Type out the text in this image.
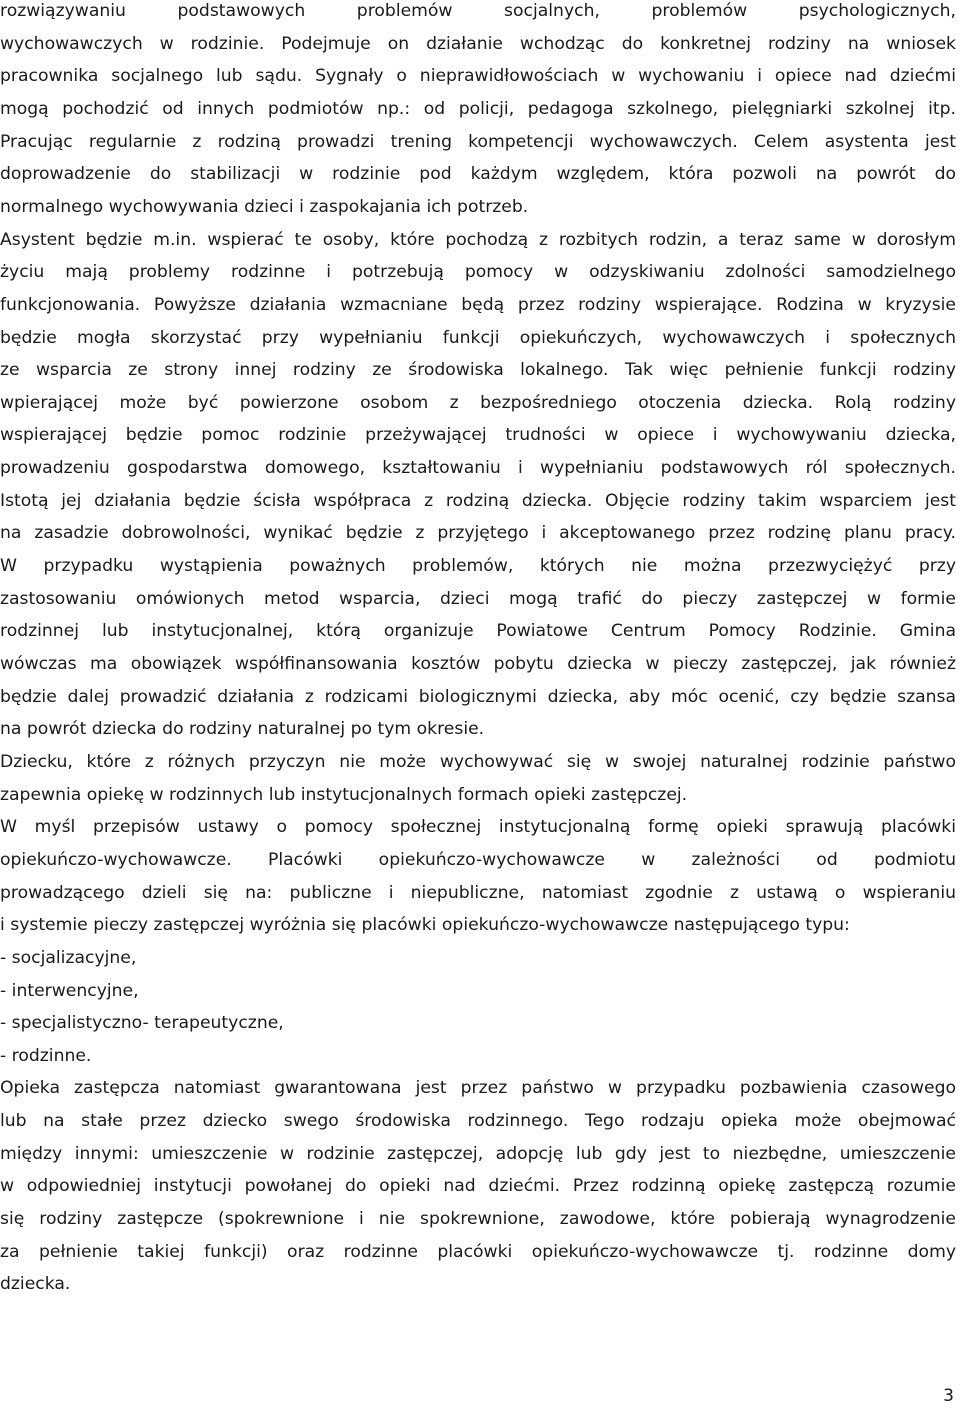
rozwiązywaniu podstawowych problemów socjalnych, problemów psychologicznych,
wychowawczych w rodzinie. Podejmuje on działanie wchodząc do konkretnej rodziny na wniosek
pracownika socjalnego lub sądu. Sygnały o nieprawidłowościach w wychowaniu i opiece nad dziećmi
mogą pochodzić od innych podmiotów np.: od policji, pedagoga szkolnego, pielęgniarki szkolnej itp.
Pracując regularnie z rodziną prowadzi trening kompetencji wychowawczych. Celem asystenta jest
doprowadzenie do stabilizacji w rodzinie pod każdym względem, która pozwoli na powrót do
normalnego wychowywania dzieci i zaspokajania ich potrzeb.
Asystent będzie m.in. wspierać te osoby, które pochodzą z rozbitych rodzin, a teraz same w dorosłym
życiu mają problemy rodzinne i potrzebują pomocy w odzyskiwaniu zdolności samodzielnego
funkcjonowania. Powyższe działania wzmacniane będą przez rodziny wspierające. Rodzina w kryzysie
będzie mogła skorzystać przy wypełnianiu funkcji opiekuńczych, wychowawczych i społecznych
ze wsparcia ze strony innej rodziny ze środowiska lokalnego. Tak więc pełnienie funkcji rodziny
wpierającej może być powierzone osobom z bezpośredniego otoczenia dziecka. Rolą rodziny
wspierającej będzie pomoc rodzinie przeżywającej trudności w opiece i wychowywaniu dziecka,
prowadzeniu gospodarstwa domowego, kształtowaniu i wypełnianiu podstawowych ról społecznych.
Istotą jej działania będzie ścisła współpraca z rodziną dziecka. Objęcie rodziny takim wsparciem jest
na zasadzie dobrowolności, wynikać będzie z przyjętego i akceptowanego przez rodzinę planu pracy.
W przypadku wystąpienia poważnych problemów, których nie można przezwyciężyć przy
zastosowaniu omówionych metod wsparcia, dzieci mogą trafić do pieczy zastępczej w formie
rodzinnej lub instytucjonalnej, którą organizuje Powiatowe Centrum Pomocy Rodzinie. Gmina
wówczas ma obowiązek współfinansowania kosztów pobytu dziecka w pieczy zastępczej, jak również
będzie dalej prowadzić działania z rodzicami biologicznymi dziecka, aby móc ocenić, czy będzie szansa
na powrót dziecka do rodziny naturalnej po tym okresie.
Dziecku, które z różnych przyczyn nie może wychowywać się w swojej naturalnej rodzinie państwo
zapewnia opiekę w rodzinnych lub instytucjonalnych formach opieki zastępczej.
W myśl przepisów ustawy o pomocy społecznej instytucjonalną formę opieki sprawują placówki
opiekuńczo-wychowawcze. Placówki opiekuńczo-wychowawcze w zależności od podmiotu
prowadzącego dzieli się na: publiczne i niepubliczne, natomiast zgodnie z ustawą o wspieraniu
i systemie pieczy zastępczej wyróżnia się placówki opiekuńczo-wychowawcze następującego typu:
- socjalizacyjne,
- interwencyjne,
- specjalistyczno- terapeutyczne,
- rodzinne.
Opieka zastępcza natomiast gwarantowana jest przez państwo w przypadku pozbawienia czasowego
lub na stałe przez dziecko swego środowiska rodzinnego. Tego rodzaju opieka może obejmować
między innymi: umieszczenie w rodzinie zastępczej, adopcję lub gdy jest to niezbędne, umieszczenie
w odpowiedniej instytucji powołanej do opieki nad dziećmi. Przez rodzinną opiekę zastępczą rozumie
się rodziny zastępcze (spokrewnione i nie spokrewnione, zawodowe, które pobierają wynagrodzenie
za pełnienie takiej funkcji) oraz rodzinne placówki opiekuńczo-wychowawcze tj. rodzinne domy
dziecka.
3
